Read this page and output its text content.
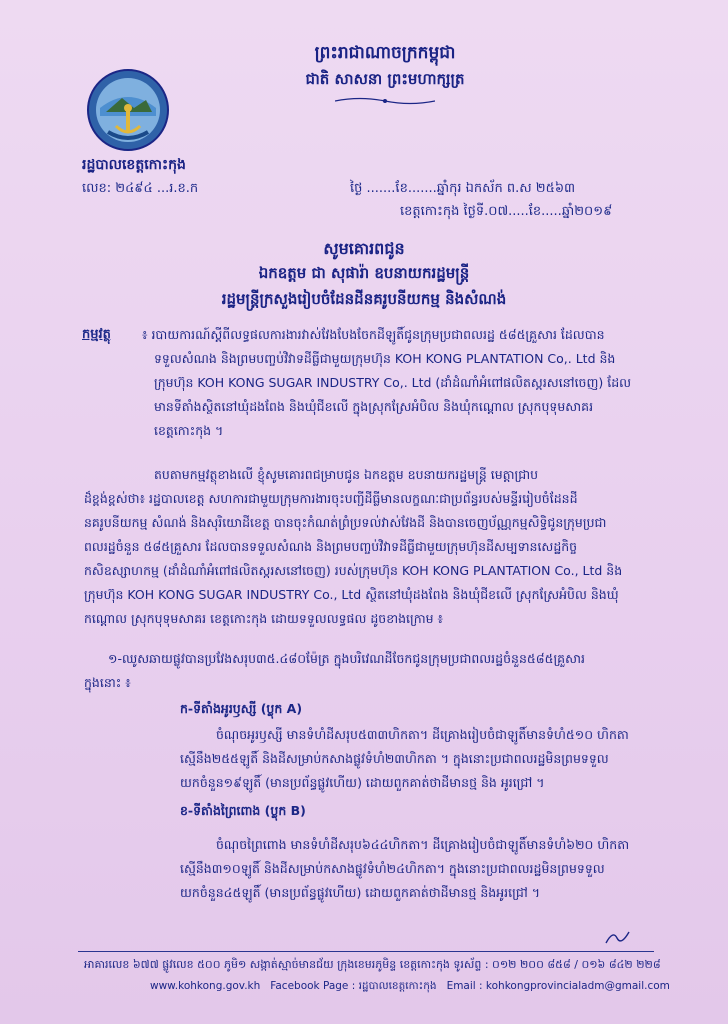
ព្រះរាជាណាចក្រកម្ពុជា
ជាតិ សាសនា ព្រះមហាក្សត្រ
រដ្ឋបាលខេត្តកោះកុង
លេខ: ២៤៩៤ ...រ.ខ.ក	ថ្ងៃ .......ខែ.......ឆ្នាំកុរ ឯកស័ក ព.ស ២៥៦៣
ខេត្តកោះកុង ថ្ងៃទី.០៧.....ខែ.....ឆ្នាំ២០១៩
សូមគោរពជូន
ឯកឧត្តម ជា សុផារ៉ា ឧបនាយករដ្ឋមន្ត្រី
រដ្ឋមន្ត្រីក្រសួងរៀបចំដែនដីនគរូបនីយកម្ម និងសំណង់
កម្មវត្ថុ ៖ របាយការណ៍ស្ដីពីលទ្ធផលការងារវាស់វែងបែងចែកដីឡូតិ៍ជូនក្រុមប្រជាពលរដ្ឋ ៥៨៥គ្រួសារ ដែលបាន
ទទួលសំណង និងព្រមបញ្ចប់វិវាទដីធ្លីជាមួយក្រុមហ៊ុន KOH KONG PLANTATION Co,. Ltd និង
ក្រុមហ៊ុន KOH KONG SUGAR INDUSTRY Co,. Ltd (ដាំដំណាំអំពៅផលិតស្ករសនៅចេញ) ដែល
មានទីតាំងស្ថិតនៅឃុំដងពែង និងឃុំជីខលើ ក្នុងស្រុកស្រែអំបិល និងឃុំកណ្ដោល ស្រុកបុទុមសាគរ
ខេត្តកោះកុង ។
តបតាមកម្មវត្ថុខាងលើ ខ្ញុំសូមគោរពជម្រាបជូន ឯកឧត្តម ឧបនាយករដ្ឋមន្ត្រី មេត្តាជ្រាប
ដ៏ខ្ពង់ខ្ពស់ថា៖ រដ្ឋបាលខេត្ត សហការជាមួយក្រុមការងារចុះបញ្ជីដីធ្លីមានលក្ខណៈជាប្រព័ន្ធរបស់មន្ទីររៀបចំដែនដី
នគរូបនីយកម្ម សំណង់ និងសុរិយោដីខេត្ត បានចុះកំណត់ព្រំប្រទល់វាស់វែងដី និងបានចេញប័ណ្ណកម្មសិទ្ធិជូនក្រុមប្រជា
ពលរដ្ឋចំនួន ៥៨៥គ្រួសារ ដែលបានទទួលសំណង និងព្រមបញ្ចប់វិវាទដីធ្លីជាមួយក្រុមហ៊ុនដីសម្បទានសេដ្ឋកិច្ច
កសិឧស្សាហកម្ម (ដាំដំណាំអំពៅផលិតស្ករសនៅចេញ) របស់ក្រុមហ៊ុន KOH KONG PLANTATION Co., Ltd និង
ក្រុមហ៊ុន KOH KONG SUGAR INDUSTRY Co., Ltd ស្ថិតនៅឃុំដងពែង និងឃុំជីខលើ ស្រុកស្រែអំបិល និងឃុំ
កណ្ដោល ស្រុកបុទុមសាគរ ខេត្តកោះកុង ដោយទទួលលទ្ធផល ដូចខាងក្រោម ៖
១-ឈូសឆាយផ្លូវបានប្រវែងសរុប៣៥.៤៨០ម៉ែត្រ ក្នុងបរិវេណដីចែកជូនក្រុមប្រជាពលរដ្ឋចំនួន៥៨៥គ្រួសារ
ក្នុងនោះ ៖
ក-ទីតាំងអូរឫស្សី (ប្លុក A)
ចំណុចអូរឫស្សី មានទំហំដីសរុប៥៣៣ហិកតា។ ដីគ្រោងរៀបចំជាឡូតិ៍មានទំហំ៥១០ ហិកតា
ស្មើនឹង២៥៥ឡូតិ៍ និងដីសម្រាប់កសាងផ្លូវទំហំ២៣ហិកតា ។ ក្នុងនោះប្រជាពលរដ្ឋមិនព្រមទទួល
យកចំនួន១៩ឡូតិ៍ (មានប្រព័ន្ធផ្លូវហើយ) ដោយពួកគាត់ថាដីមានថ្ម និង អូរជ្រៅ ។
ខ-ទីតាំងព្រៃពោង (ប្លុក B)
ចំណុចព្រៃពោង មានទំហំដីសរុប៦៤៤ហិកតា។ ដីគ្រោងរៀបចំជាឡូតិ៍មានទំហំ៦២០ ហិកតា
ស្មើនឹង៣១០ឡូតិ៍ និងដីសម្រាប់កសាងផ្លូវទំហំ២៤ហិកតា។ ក្នុងនោះប្រជាពលរដ្ឋមិនព្រមទទួល
យកចំនួន៤៥ឡូតិ៍ (មានប្រព័ន្ធផ្លូវហើយ) ដោយពួកគាត់ថាដីមានថ្ម និងអូរជ្រៅ ។
អាគារលេខ ៦៧៧ ផ្លូវលេខ ៥០០ ភូមិ១ សង្កាត់ស្មាច់មានជ័យ ក្រុងខេមរភូមិន្ទ ខេត្តកោះកុង ទូរស័ព្ទ : ០១២ ២០០ ៨៥៨ / ០១៦ ៨៤២ ២២៨
www.kohkong.gov.kh Facebook Page : រដ្ឋបាលខេត្តកោះកុង Email : kohkongprovincialadm@gmail.com
